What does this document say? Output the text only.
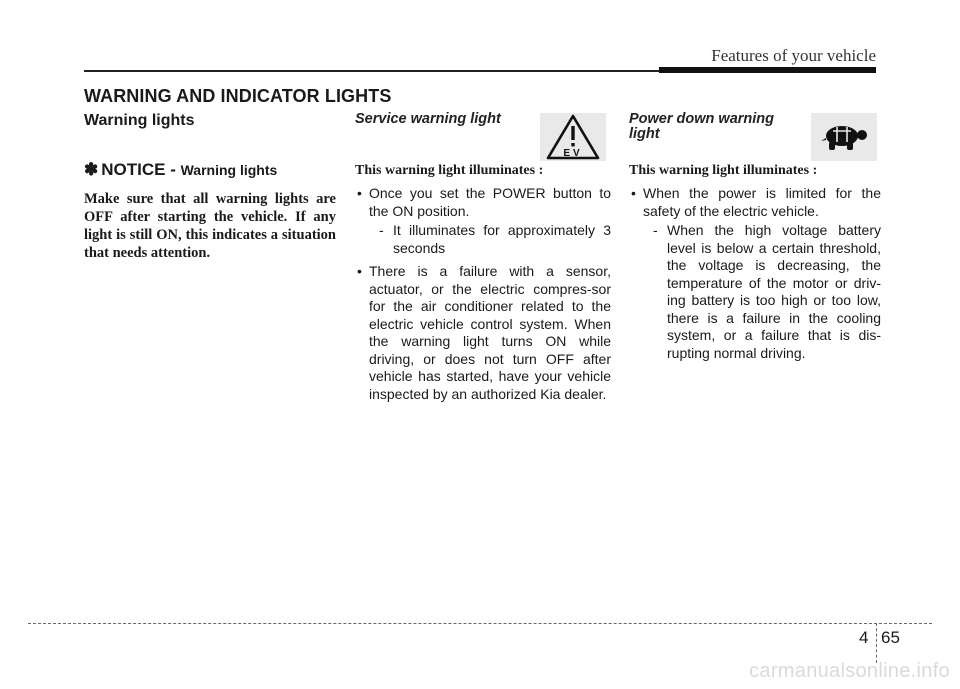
Features of your vehicle
WARNING AND INDICATOR LIGHTS
Warning lights
✽ NOTICE - Warning lights
Make sure that all warning lights are OFF after starting the vehicle. If any light is still ON, this indicates a situation that needs attention.
Service warning light
This warning light illuminates :
• Once you set the POWER button to the ON position.
- It illuminates for approximately 3 seconds
• There is a failure with a sensor, actuator, or the electric compres-sor for the air conditioner related to the electric vehicle control system. When the warning light turns ON while driving, or does not turn OFF after vehicle has started, have your vehicle inspected by an authorized Kia dealer.
EV
Power down warning light
This warning light illuminates :
• When the power is limited for the safety of the electric vehicle.
- When the high voltage battery level is below a certain threshold, the voltage is decreasing, the temperature of the motor or driv-ing battery is too high or too low, there is a failure in the cooling system, or a failure that is dis-rupting normal driving.
4 65
carmanualsonline.info
